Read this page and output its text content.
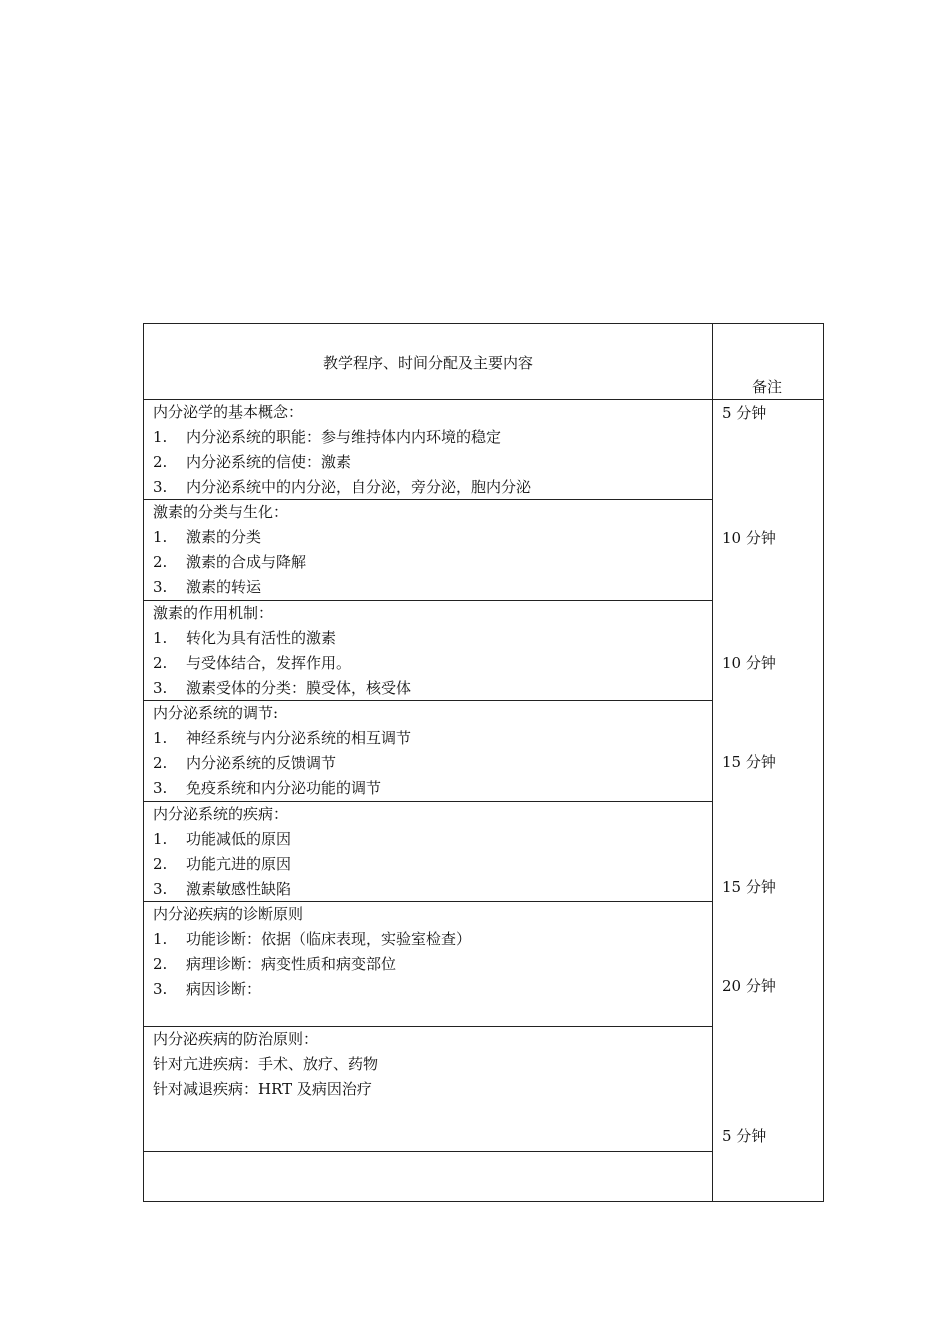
教学程序、时间分配及主要内容
备注
内分泌学的基本概念：
1. 内分泌系统的职能：参与维持体内内环境的稳定
2. 内分泌系统的信使：激素
3. 内分泌系统中的内分泌，自分泌，旁分泌，胞内分泌
激素的分类与生化：
1. 激素的分类
2. 激素的合成与降解
3. 激素的转运
激素的作用机制：
1. 转化为具有活性的激素
2. 与受体结合，发挥作用。
3. 激素受体的分类：膜受体，核受体
内分泌系统的调节:
1. 神经系统与内分泌系统的相互调节
2. 内分泌系统的反馈调节
3. 免疫系统和内分泌功能的调节
内分泌系统的疾病：
1. 功能减低的原因
2. 功能亢进的原因
3. 激素敏感性缺陷
内分泌疾病的诊断原则
1. 功能诊断：依据（临床表现，实验室检查）
2. 病理诊断：病变性质和病变部位
3. 病因诊断：
内分泌疾病的防治原则：
针对亢进疾病：手术、放疗、药物
针对减退疾病：HRT 及病因治疗
5 分钟
10 分钟
10 分钟
15 分钟
15 分钟
20 分钟
5 分钟
